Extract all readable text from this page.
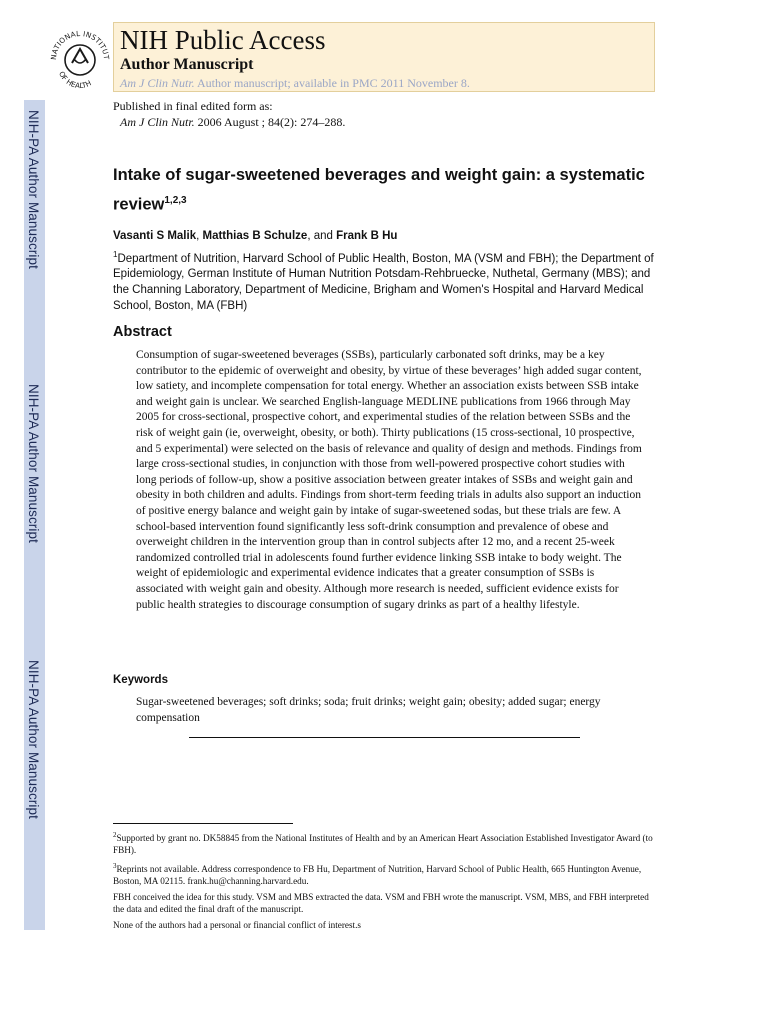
NIH-PA Author Manuscript
NIH-PA Author Manuscript
NIH-PA Author Manuscript
NATIONAL INSTITUT
OF HEALTH
NIH Public Access
Author Manuscript
Am J Clin Nutr. Author manuscript; available in PMC 2011 November 8.
Published in final edited form as:
Am J Clin Nutr. 2006 August ; 84(2): 274–288.
Intake of sugar-sweetened beverages and weight gain: a systematic review$^{1,2,3}$
Vasanti S Malik, Matthias B Schulze, and Frank B Hu
$^1$Department of Nutrition, Harvard School of Public Health, Boston, MA (VSM and FBH); the Department of Epidemiology, German Institute of Human Nutrition Potsdam-Rehbruecke, Nuthetal, Germany (MBS); and the Channing Laboratory, Department of Medicine, Brigham and Women's Hospital and Harvard Medical School, Boston, MA (FBH)
Abstract
Consumption of sugar-sweetened beverages (SSBs), particularly carbonated soft drinks, may be a key contributor to the epidemic of overweight and obesity, by virtue of these beverages’ high added sugar content, low satiety, and incomplete compensation for total energy. Whether an association exists between SSB intake and weight gain is unclear. We searched English-language MEDLINE publications from 1966 through May 2005 for cross-sectional, prospective cohort, and experimental studies of the relation between SSBs and the risk of weight gain (ie, overweight, obesity, or both). Thirty publications (15 cross-sectional, 10 prospective, and 5 experimental) were selected on the basis of relevance and quality of design and methods. Findings from large cross-sectional studies, in conjunction with those from well-powered prospective cohort studies with long periods of follow-up, show a positive association between greater intakes of SSBs and weight gain and obesity in both children and adults. Findings from short-term feeding trials in adults also support an induction of positive energy balance and weight gain by intake of sugar-sweetened sodas, but these trials are few. A school-based intervention found significantly less soft-drink consumption and prevalence of obese and overweight children in the intervention group than in control subjects after 12 mo, and a recent 25-week randomized controlled trial in adolescents found further evidence linking SSB intake to body weight. The weight of epidemiologic and experimental evidence indicates that a greater consumption of SSBs is associated with weight gain and obesity. Although more research is needed, sufficient evidence exists for public health strategies to discourage consumption of sugary drinks as part of a healthy lifestyle.
Keywords
Sugar-sweetened beverages; soft drinks; soda; fruit drinks; weight gain; obesity; added sugar; energy compensation

$^2$Supported by grant no. DK58845 from the National Institutes of Health and by an American Heart Association Established Investigator Award (to FBH).

$^3$Reprints not available. Address correspondence to FB Hu, Department of Nutrition, Harvard School of Public Health, 665 Huntington Avenue, Boston, MA 02115. frank.hu@channing.harvard.edu.

FBH conceived the idea for this study. VSM and MBS extracted the data. VSM and FBH wrote the manuscript. VSM, MBS, and FBH interpreted the data and edited the final draft of the manuscript.

None of the authors had a personal or financial conflict of interest.s
